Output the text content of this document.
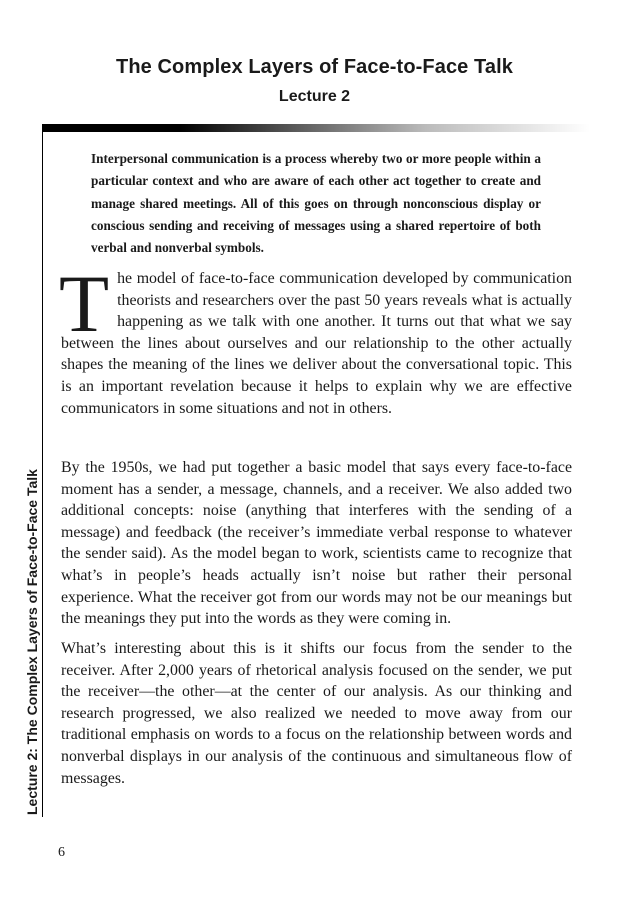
The Complex Layers of Face-to-Face Talk
Lecture 2
Lecture 2: The Complex Layers of Face-to-Face Talk
Interpersonal communication is a process whereby two or more people within a particular context and who are aware of each other act together to create and manage shared meetings. All of this goes on through nonconscious display or conscious sending and receiving of messages using a shared repertoire of both verbal and nonverbal symbols.
The model of face-to-face communication developed by communication theorists and researchers over the past 50 years reveals what is actually happening as we talk with one another. It turns out that what we say between the lines about ourselves and our relationship to the other actually shapes the meaning of the lines we deliver about the conversational topic. This is an important revelation because it helps to explain why we are effective communicators in some situations and not in others.
By the 1950s, we had put together a basic model that says every face-to-face moment has a sender, a message, channels, and a receiver. We also added two additional concepts: noise (anything that interferes with the sending of a message) and feedback (the receiver’s immediate verbal response to whatever the sender said). As the model began to work, scientists came to recognize that what’s in people’s heads actually isn’t noise but rather their personal experience. What the receiver got from our words may not be our meanings but the meanings they put into the words as they were coming in.
What’s interesting about this is it shifts our focus from the sender to the receiver. After 2,000 years of rhetorical analysis focused on the sender, we put the receiver—the other—at the center of our analysis. As our thinking and research progressed, we also realized we needed to move away from our traditional emphasis on words to a focus on the relationship between words and nonverbal displays in our analysis of the continuous and simultaneous flow of messages.
6
